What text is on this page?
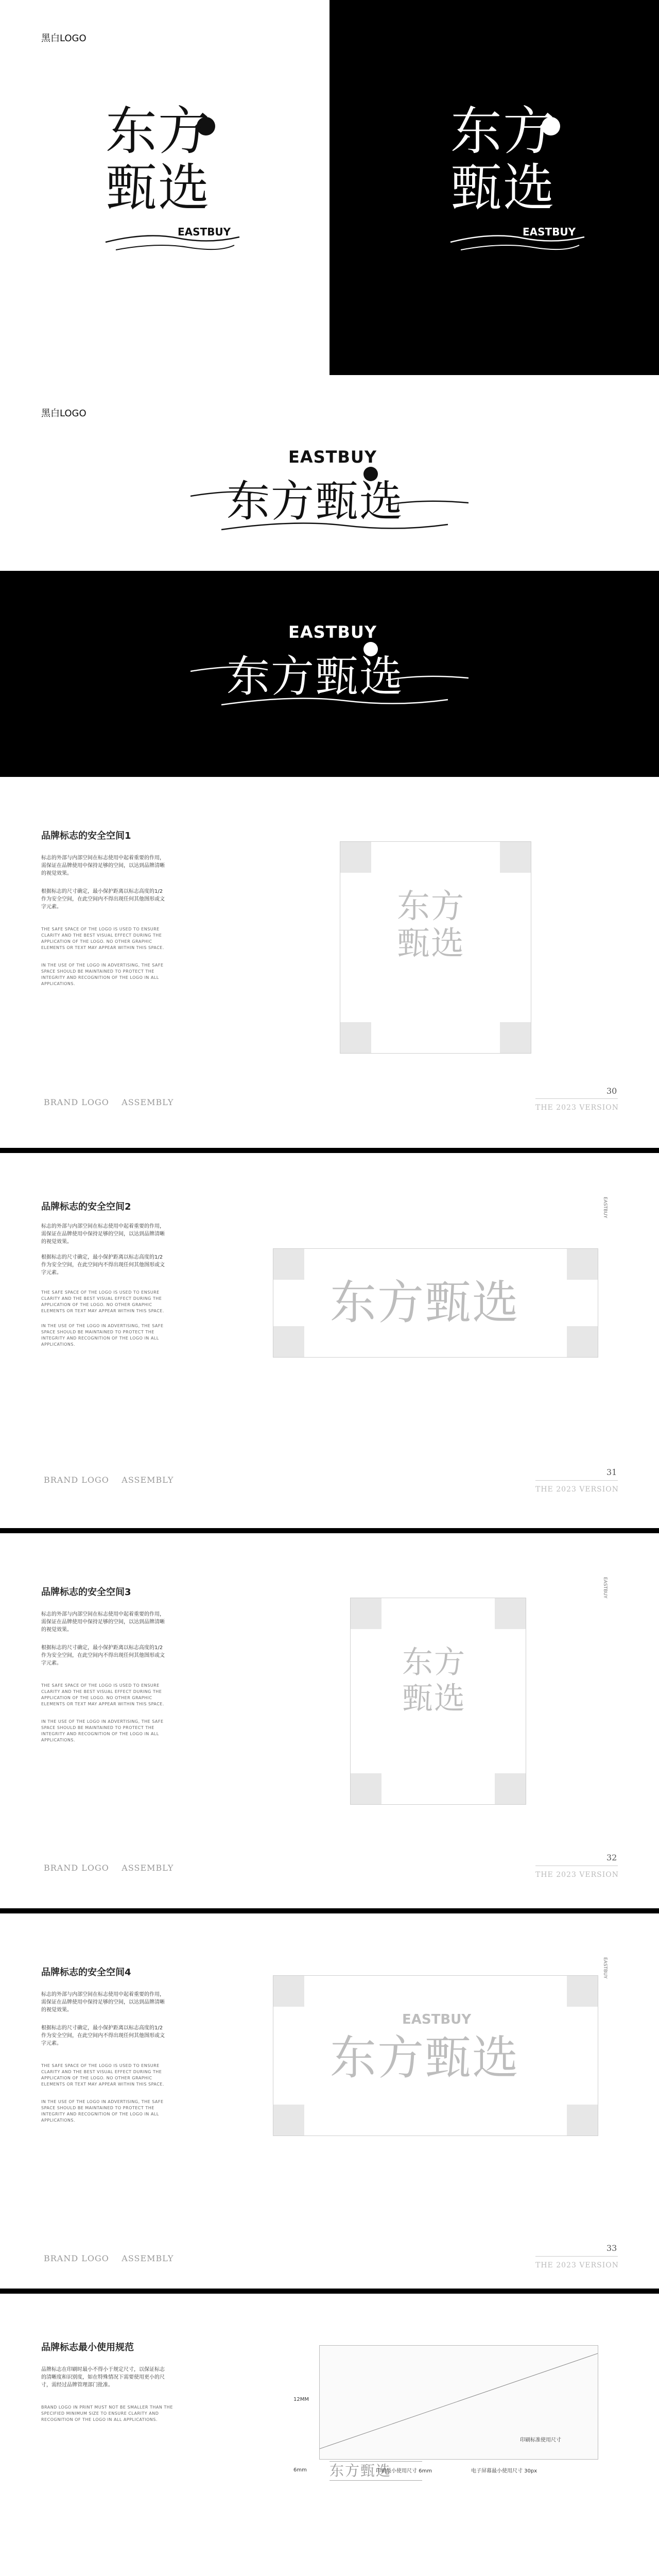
黑白LOGO
东方甄选
EASTBUY
东方甄选
EASTBUY
黑白LOGO
EASTBUY
东方甄选
EASTBUY
东方甄选
品牌标志的安全空间1
标志的外部与内部空间在标志使用中起着重要的作用，需保证在品牌使用中保持足够的空间，以达到品牌清晰的视觉效果。
根据标志的尺寸确定，最小保护距离以标志高度的1/2作为安全空间，在此空间内不得出现任何其他图形或文字元素。
THE SAFE SPACE OF THE LOGO IS USED TO ENSURE CLARITY AND THE BEST VISUAL EFFECT DURING THE APPLICATION OF THE LOGO. NO OTHER GRAPHIC ELEMENTS OR TEXT MAY APPEAR WITHIN THIS SPACE.
IN THE USE OF THE LOGO IN ADVERTISING, THE SAFE SPACE SHOULD BE MAINTAINED TO PROTECT THE INTEGRITY AND RECOGNITION OF THE LOGO IN ALL APPLICATIONS.
东方甄选
BRAND LOGO ASSEMBLY
30
THE 2023 VERSION
品牌标志的安全空间2
标志的外部与内部空间在标志使用中起着重要的作用，需保证在品牌使用中保持足够的空间，以达到品牌清晰的视觉效果。
根据标志的尺寸确定，最小保护距离以标志高度的1/2作为安全空间，在此空间内不得出现任何其他图形或文字元素。
THE SAFE SPACE OF THE LOGO IS USED TO ENSURE CLARITY AND THE BEST VISUAL EFFECT DURING THE APPLICATION OF THE LOGO. NO OTHER GRAPHIC ELEMENTS OR TEXT MAY APPEAR WITHIN THIS SPACE.
IN THE USE OF THE LOGO IN ADVERTISING, THE SAFE SPACE SHOULD BE MAINTAINED TO PROTECT THE INTEGRITY AND RECOGNITION OF THE LOGO IN ALL APPLICATIONS.
东方甄选
EASTBUY
BRAND LOGO ASSEMBLY
31
THE 2023 VERSION
品牌标志的安全空间3
标志的外部与内部空间在标志使用中起着重要的作用，需保证在品牌使用中保持足够的空间，以达到品牌清晰的视觉效果。
根据标志的尺寸确定，最小保护距离以标志高度的1/2作为安全空间，在此空间内不得出现任何其他图形或文字元素。
THE SAFE SPACE OF THE LOGO IS USED TO ENSURE CLARITY AND THE BEST VISUAL EFFECT DURING THE APPLICATION OF THE LOGO. NO OTHER GRAPHIC ELEMENTS OR TEXT MAY APPEAR WITHIN THIS SPACE.
IN THE USE OF THE LOGO IN ADVERTISING, THE SAFE SPACE SHOULD BE MAINTAINED TO PROTECT THE INTEGRITY AND RECOGNITION OF THE LOGO IN ALL APPLICATIONS.
东方甄选
EASTBUY
BRAND LOGO ASSEMBLY
32
THE 2023 VERSION
品牌标志的安全空间4
标志的外部与内部空间在标志使用中起着重要的作用，需保证在品牌使用中保持足够的空间，以达到品牌清晰的视觉效果。
根据标志的尺寸确定，最小保护距离以标志高度的1/2作为安全空间，在此空间内不得出现任何其他图形或文字元素。
THE SAFE SPACE OF THE LOGO IS USED TO ENSURE CLARITY AND THE BEST VISUAL EFFECT DURING THE APPLICATION OF THE LOGO. NO OTHER GRAPHIC ELEMENTS OR TEXT MAY APPEAR WITHIN THIS SPACE.
IN THE USE OF THE LOGO IN ADVERTISING, THE SAFE SPACE SHOULD BE MAINTAINED TO PROTECT THE INTEGRITY AND RECOGNITION OF THE LOGO IN ALL APPLICATIONS.
EASTBUY
东方甄选
EASTBUY
BRAND LOGO ASSEMBLY
33
THE 2023 VERSION
品牌标志最小使用规范
品牌标志在印刷时最小不得小于规定尺寸，以保证标志的清晰度和识别度，如在特殊情况下需要使用更小的尺寸，需经过品牌管理部门批准。
BRAND LOGO IN PRINT MUST NOT BE SMALLER THAN THE SPECIFIED MINIMUM SIZE TO ENSURE CLARITY AND RECOGNITION OF THE LOGO IN ALL APPLICATIONS.
12MM
6mm 东方甄选
印刷最小使用尺寸 6mm	电子屏幕最小使用尺寸 30px
印刷标准使用尺寸
